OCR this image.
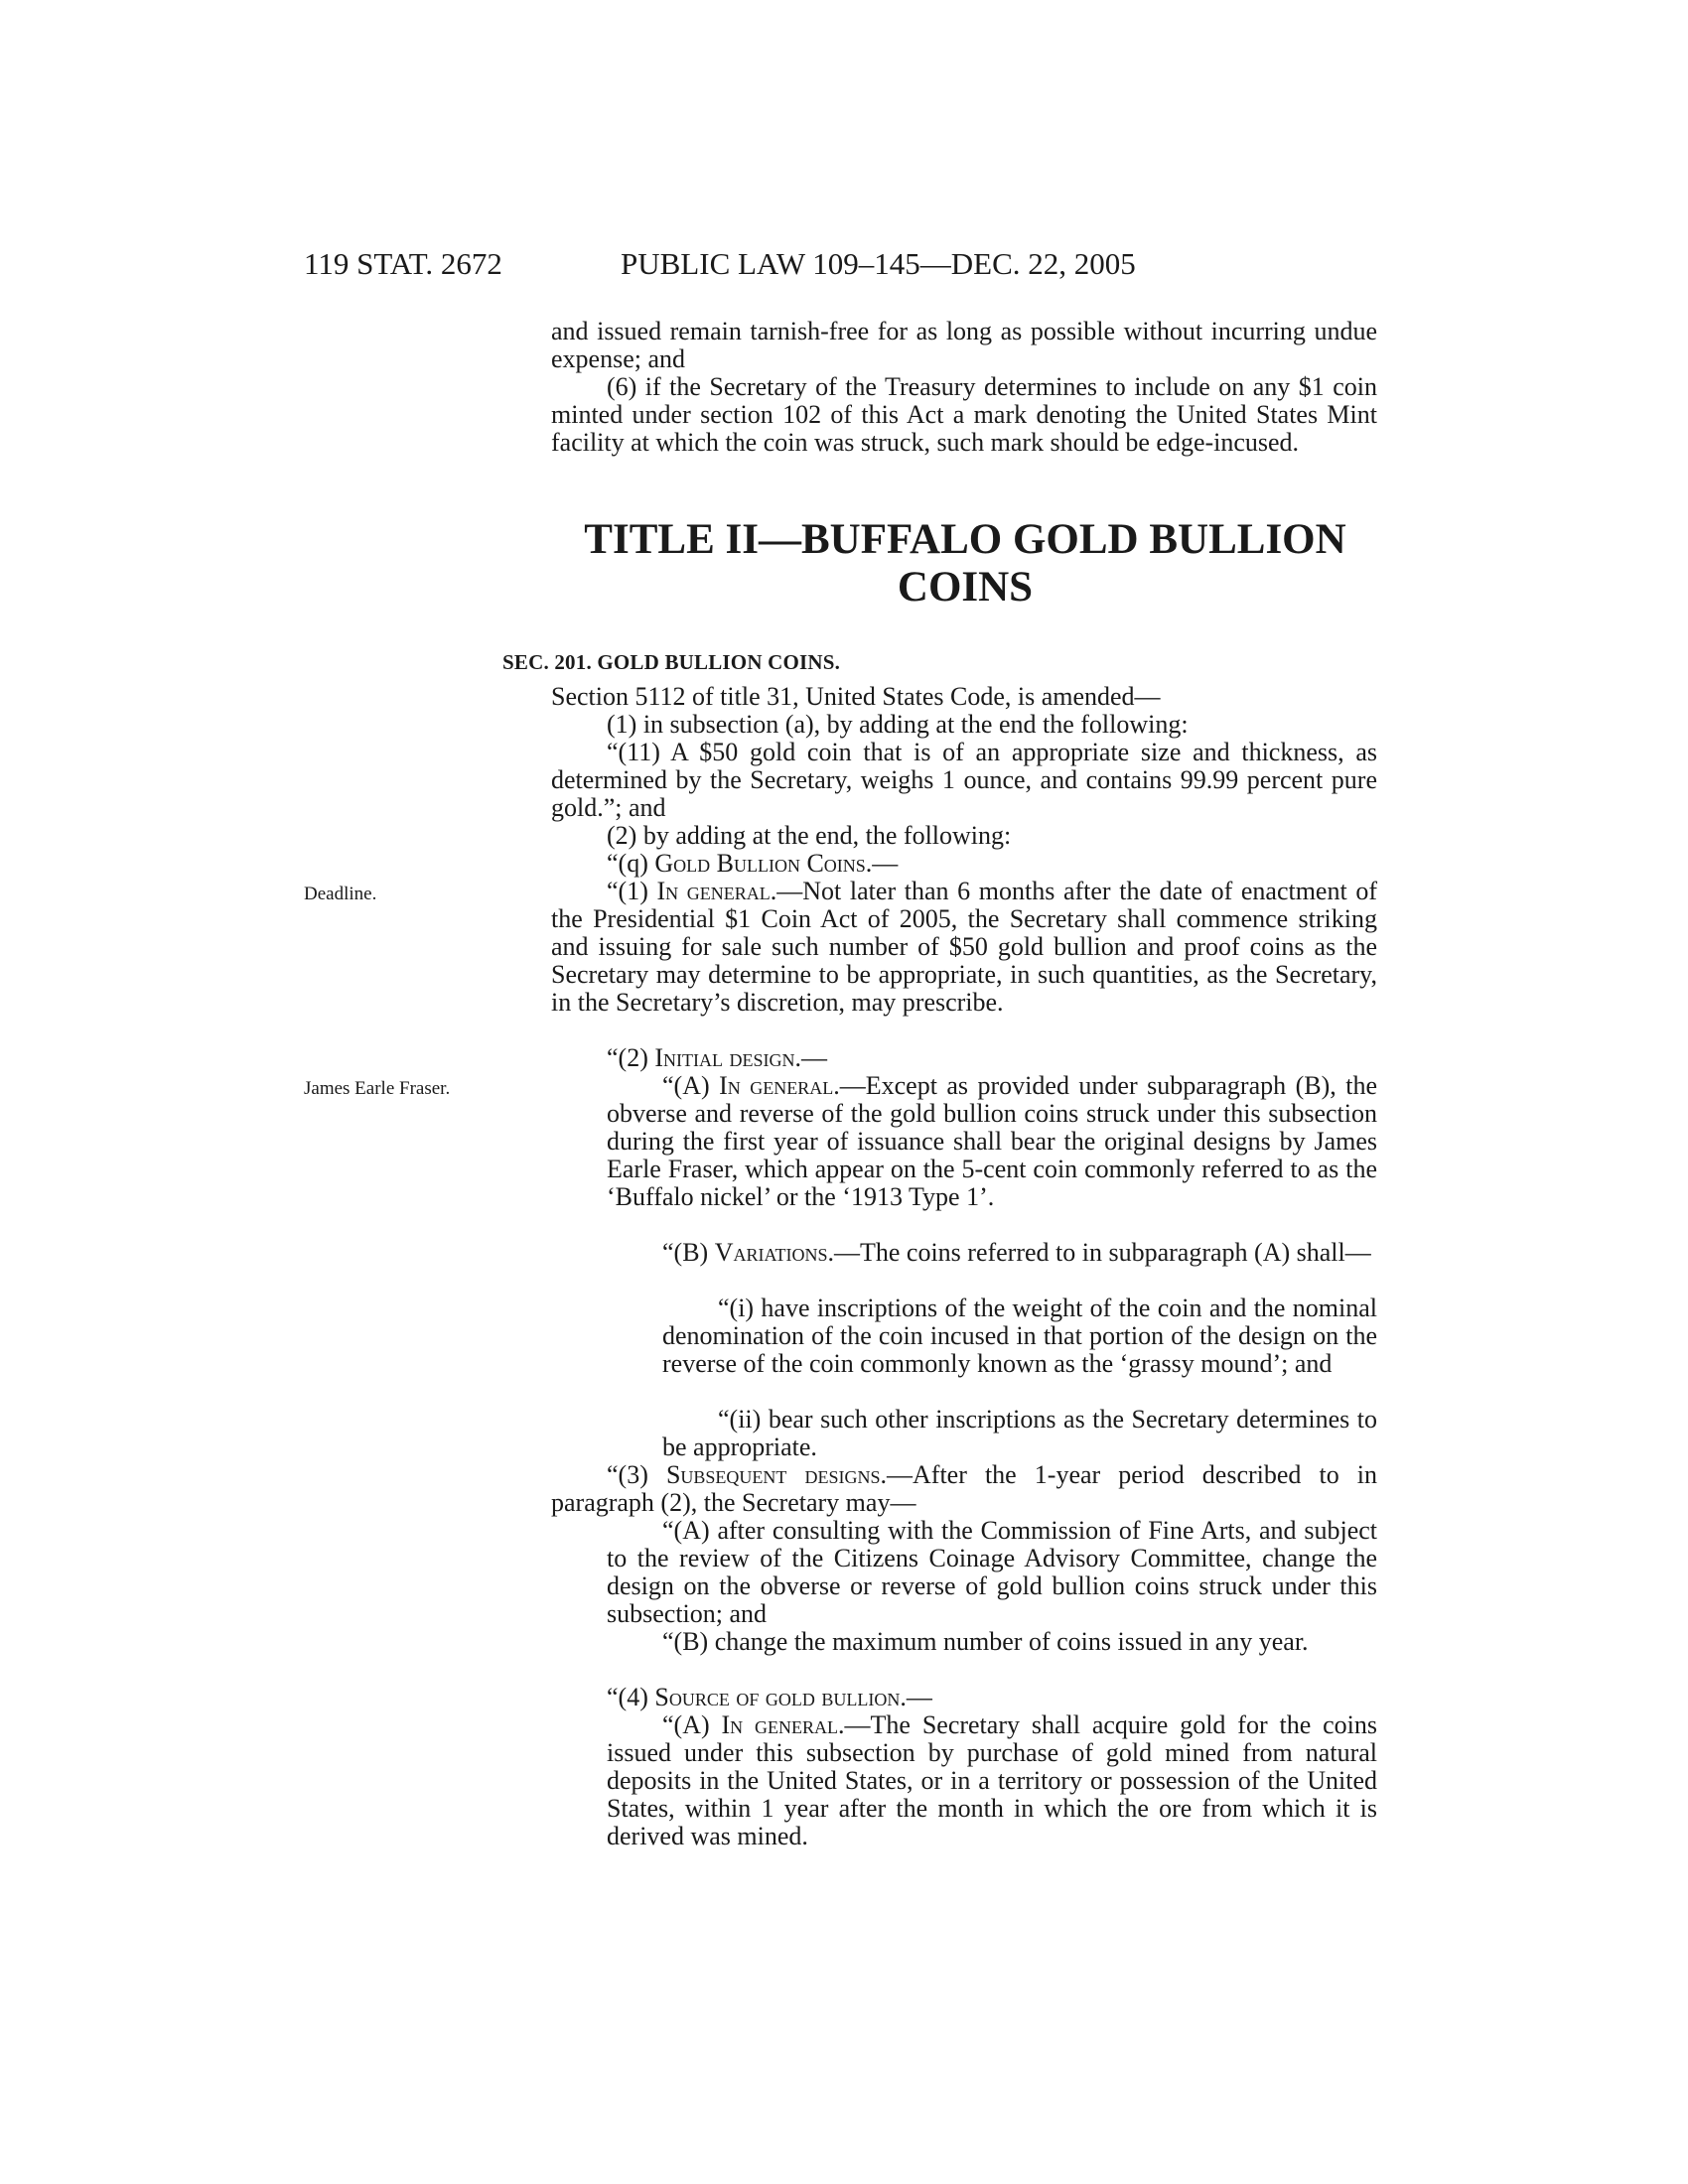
119 STAT. 2672	PUBLIC LAW 109–145—DEC. 22, 2005

and issued remain tarnish-free for as long as possible without incurring undue expense; and

(6) if the Secretary of the Treasury determines to include on any $1 coin minted under section 102 of this Act a mark denoting the United States Mint facility at which the coin was struck, such mark should be edge-incused.

TITLE II—BUFFALO GOLD BULLION COINS
SEC. 201. GOLD BULLION COINS.

Section 5112 of title 31, United States Code, is amended—

(1) in subsection (a), by adding at the end the following:

“(11) A $50 gold coin that is of an appropriate size and thickness, as determined by the Secretary, weighs 1 ounce, and contains 99.99 percent pure gold.”; and

(2) by adding at the end, the following:

“(q) Gold Bullion Coins.—

Deadline.	“(1) In general.—Not later than 6 months after the date of enactment of the Presidential $1 Coin Act of 2005, the Secretary shall commence striking and issuing for sale such number of $50 gold bullion and proof coins as the Secretary may determine to be appropriate, in such quantities, as the Secretary, in the Secretary’s discretion, may prescribe.

“(2) Initial design.—

James Earle Fraser.	“(A) In general.—Except as provided under subparagraph (B), the obverse and reverse of the gold bullion coins struck under this subsection during the first year of issuance shall bear the original designs by James Earle Fraser, which appear on the 5-cent coin commonly referred to as the ‘Buffalo nickel’ or the ‘1913 Type 1’.

“(B) Variations.—The coins referred to in subparagraph (A) shall—

“(i) have inscriptions of the weight of the coin and the nominal denomination of the coin incused in that portion of the design on the reverse of the coin commonly known as the ‘grassy mound’; and

“(ii) bear such other inscriptions as the Secretary determines to be appropriate.

“(3) Subsequent designs.—After the 1-year period described to in paragraph (2), the Secretary may—

“(A) after consulting with the Commission of Fine Arts, and subject to the review of the Citizens Coinage Advisory Committee, change the design on the obverse or reverse of gold bullion coins struck under this subsection; and

“(B) change the maximum number of coins issued in any year.

“(4) Source of gold bullion.—

“(A) In general.—The Secretary shall acquire gold for the coins issued under this subsection by purchase of gold mined from natural deposits in the United States, or in a territory or possession of the United States, within 1 year after the month in which the ore from which it is derived was mined.
